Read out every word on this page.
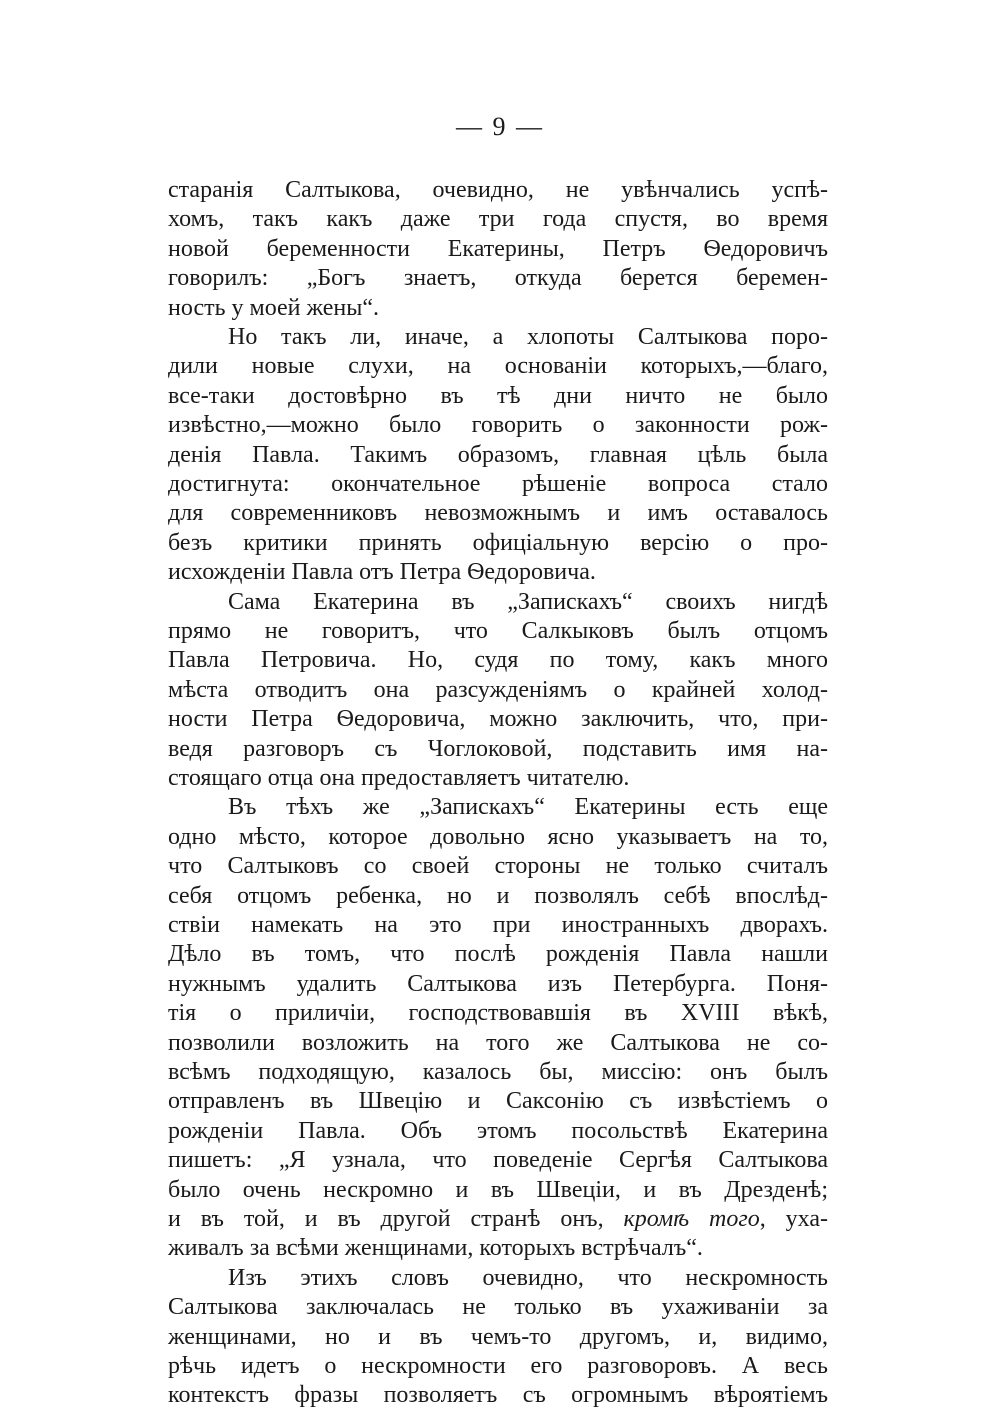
— 9 —
старанія Салтыкова, очевидно, не увѣнчались успѣ-
хомъ, такъ какъ даже три года спустя, во время
новой беременности Екатерины, Петръ Ѳедоровичъ
говорилъ: „Богъ знаетъ, откуда берется беремен-
ность у моей жены“.
Но такъ ли, иначе, а хлопоты Салтыкова поро-
дили новые слухи, на основаніи которыхъ,—благо,
все-таки достовѣрно въ тѣ дни ничто не было
извѣстно,—можно было говорить о законности рож-
денія Павла. Такимъ образомъ, главная цѣль была
достигнута: окончательное рѣшеніе вопроса стало
для современниковъ невозможнымъ и имъ оставалось
безъ критики принять офиціальную версію о про-
исхожденіи Павла отъ Петра Ѳедоровича.
Сама Екатерина въ „Запискахъ“ своихъ нигдѣ
прямо не говоритъ, что Салкыковъ былъ отцомъ
Павла Петровича. Но, судя по тому, какъ много
мѣста отводитъ она разсужденіямъ о крайней холод-
ности Петра Ѳедоровича, можно заключить, что, при-
ведя разговоръ съ Чоглоковой, подставить имя на-
стоящаго отца она предоставляетъ читателю.
Въ тѣхъ же „Запискахъ“ Екатерины есть еще
одно мѣсто, которое довольно ясно указываетъ на то,
что Салтыковъ со своей стороны не только считалъ
себя отцомъ ребенка, но и позволялъ себѣ впослѣд-
ствіи намекать на это при иностранныхъ дворахъ.
Дѣло въ томъ, что послѣ рожденія Павла нашли
нужнымъ удалить Салтыкова изъ Петербурга. Поня-
тія о приличіи, господствовавшія въ XVIII вѣкѣ,
позволили возложить на того же Салтыкова не со-
всѣмъ подходящую, казалось бы, миссію: онъ былъ
отправленъ въ Швецію и Саксонію съ извѣстіемъ о
рожденіи Павла. Объ этомъ посольствѣ Екатерина
пишетъ: „Я узнала, что поведеніе Сергѣя Салтыкова
было очень нескромно и въ Швеціи, и въ Дрезденѣ;
и въ той, и въ другой странѣ онъ, кромѣ того, уха-
живалъ за всѣми женщинами, которыхъ встрѣчалъ“.
Изъ этихъ словъ очевидно, что нескромность
Салтыкова заключалась не только въ ухаживаніи за
женщинами, но и въ чемъ-то другомъ, и, видимо,
рѣчь идетъ о нескромности его разговоровъ. А весь
контекстъ фразы позволяетъ съ огромнымъ вѣроятіемъ
